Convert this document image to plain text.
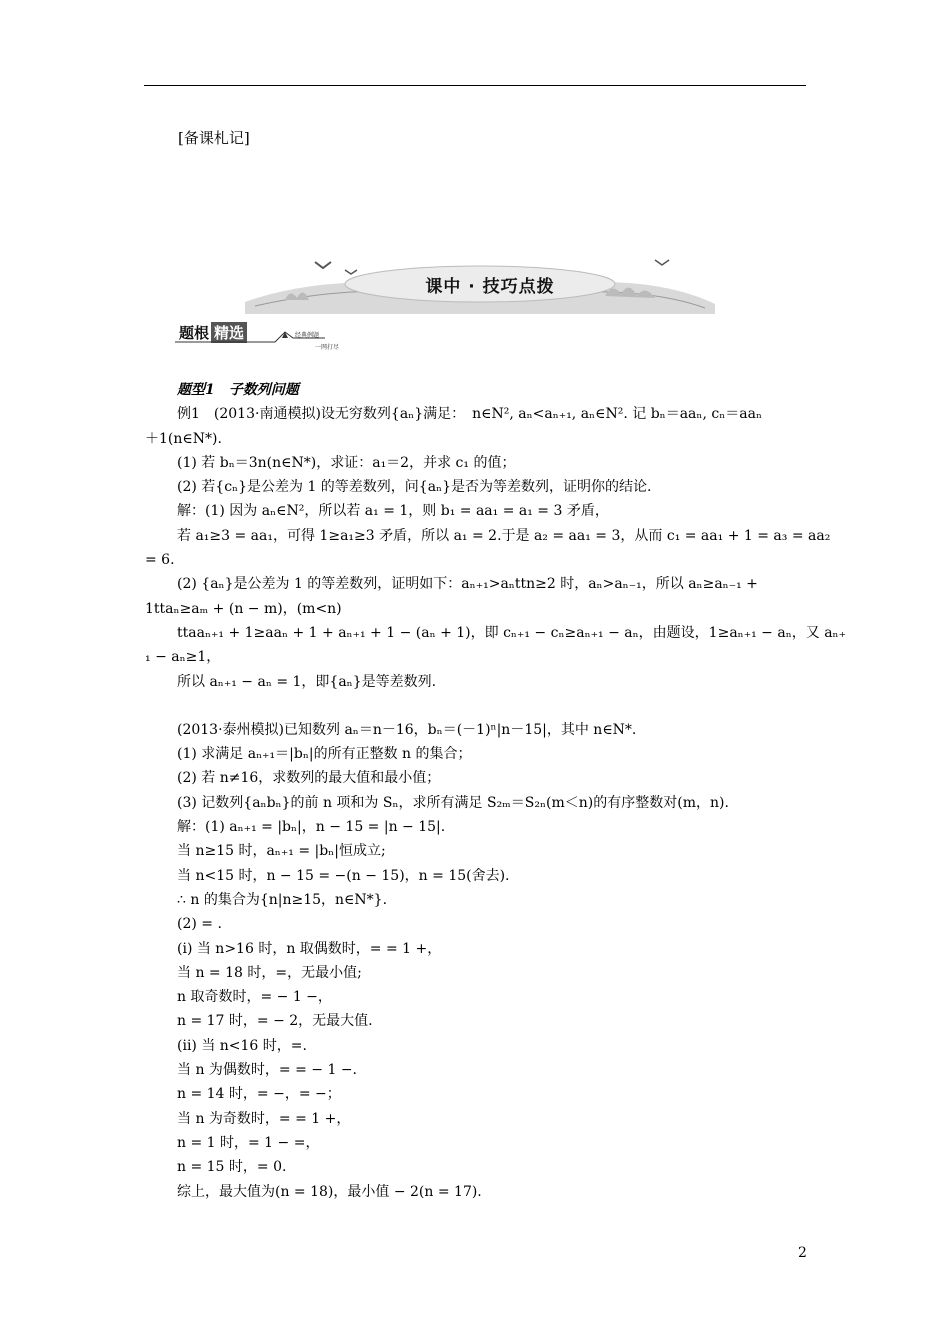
[备课札记]
课中 · 技巧点拨
题根 精选	经典例题
一网打尽
题型1　子数列问题
例1　(2013·南通模拟)设无穷数列{aₙ}满足：　n∈N², aₙ<aₙ₊₁, aₙ∈N². 记 bₙ＝aaₙ, cₙ＝aaₙ
＋1(n∈N*).
(1) 若 bₙ＝3n(n∈N*)，求证：a₁＝2，并求 c₁ 的值；
(2) 若{cₙ}是公差为 1 的等差数列，问{aₙ}是否为等差数列，证明你的结论.
解：(1) 因为 aₙ∈N²，所以若 a₁ = 1，则 b₁ = aa₁ = a₁ = 3 矛盾，
若 a₁≥3 = aa₁，可得 1≥a₁≥3 矛盾，所以 a₁ = 2.于是 a₂ = aa₁ = 3，从而 c₁ = aa₁ + 1 = a₃ = aa₂
= 6.
(2) {aₙ}是公差为 1 的等差数列，证明如下：aₙ₊₁>aₙttn≥2 时，aₙ>aₙ₋₁，所以 aₙ≥aₙ₋₁ +
1ttaₙ≥aₘ + (n − m)，(m<n)
ttaaₙ₊₁ + 1≥aaₙ + 1 + aₙ₊₁ + 1 − (aₙ + 1)，即 cₙ₊₁ − cₙ≥aₙ₊₁ − aₙ，由题设，1≥aₙ₊₁ − aₙ，又 aₙ₊
₁ − aₙ≥1，
所以 aₙ₊₁ − aₙ = 1，即{aₙ}是等差数列.
(2013·泰州模拟)已知数列 aₙ＝n－16，bₙ＝(－1)ⁿ|n－15|，其中 n∈N*.
(1) 求满足 aₙ₊₁＝|bₙ|的所有正整数 n 的集合；
(2) 若 n≠16，求数列的最大值和最小值；
(3) 记数列{aₙbₙ}的前 n 项和为 Sₙ，求所有满足 S₂ₘ＝S₂ₙ(m＜n)的有序整数对(m，n).
解：(1) aₙ₊₁ = |bₙ|，n − 15 = |n − 15|.
当 n≥15 时，aₙ₊₁ = |bₙ|恒成立;
当 n<15 时，n − 15 = −(n − 15)，n = 15(舍去).
∴ n 的集合为{n|n≥15，n∈N*}.
(2) = .
(ⅰ) 当 n>16 时，n 取偶数时，= = 1 +，
当 n = 18 时，=，无最小值;
n 取奇数时，= − 1 −，
n = 17 时，= − 2，无最大值.
(ⅱ) 当 n<16 时，=.
当 n 为偶数时，= = − 1 −.
n = 14 时，= −，= −；
当 n 为奇数时，= = 1 +，
n = 1 时，= 1 − =，
n = 15 时，= 0.
综上，最大值为(n = 18)，最小值 − 2(n = 17).
2
